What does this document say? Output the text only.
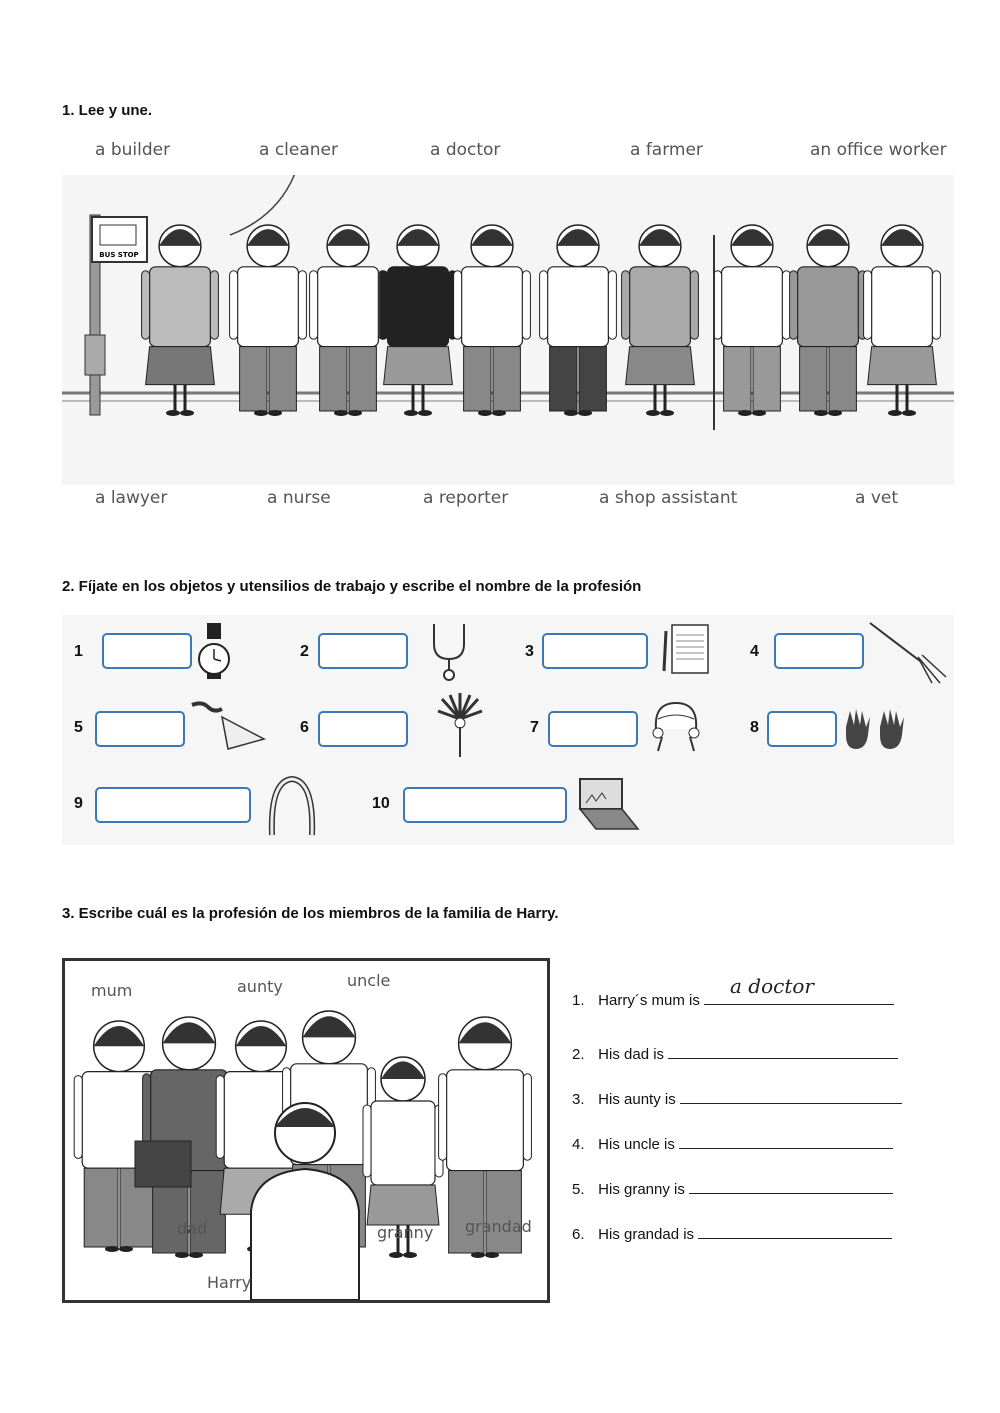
1. Lee y une.
a builder	a cleaner	a doctor	a farmer	an office worker
BUS STOP
a lawyer	a nurse	a reporter	a shop assistant	a vet
2. Fíjate en los objetos y utensilios de trabajo y escribe el nombre de la profesión
1	2	3	4
5	6	7	8
9	10
3. Escribe cuál es la profesión de los miembros de la familia de Harry.
mum	aunty	uncle
dad	granny grandad
Harry
1. Harry´s mum is
a doctor
2. His dad is
3. His aunty is
4. His uncle is
5. His granny is
6. His grandad is
